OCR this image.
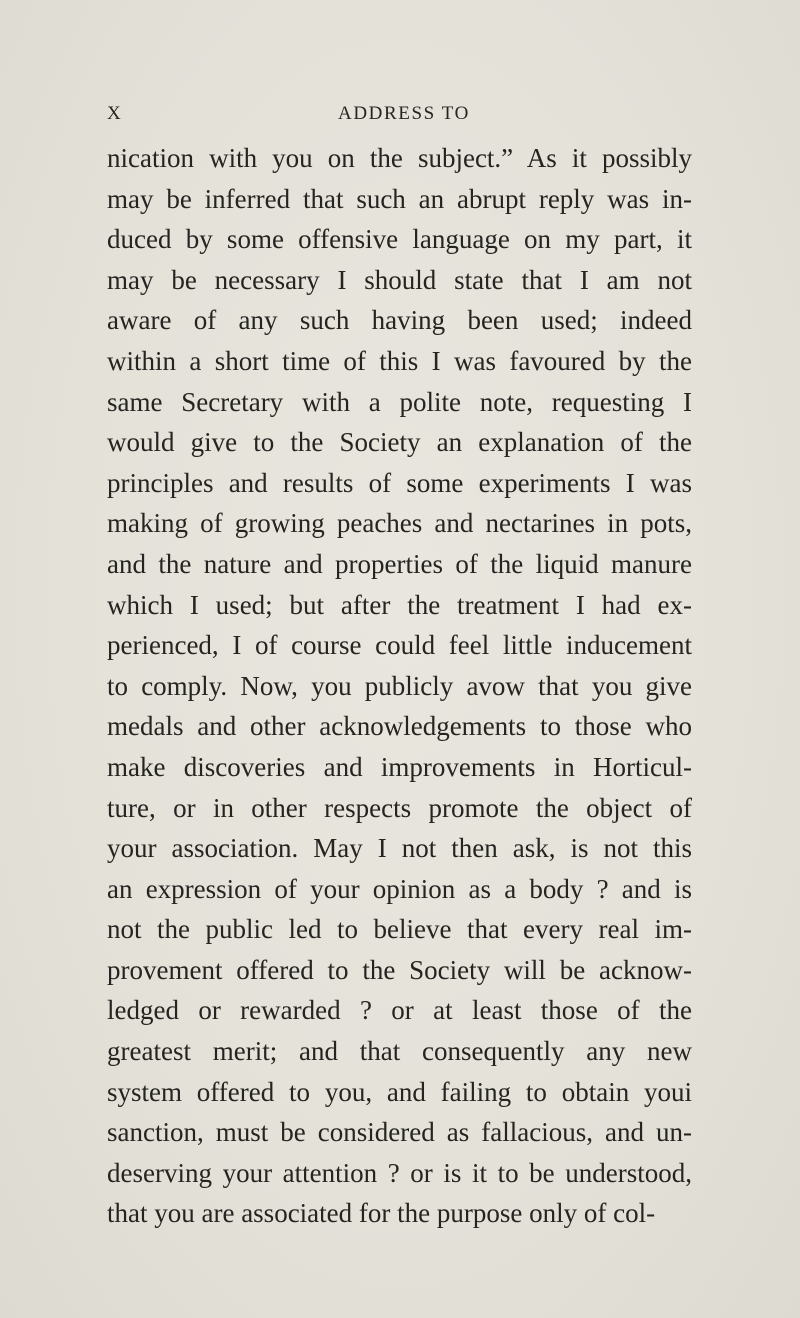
X	ADDRESS TO
nication with you on the subject.” As it possibly
may be inferred that such an abrupt reply was in-
duced by some offensive language on my part, it
may be necessary I should state that I am not
aware of any such having been used; indeed
within a short time of this I was favoured by the
same Secretary with a polite note, requesting I
would give to the Society an explanation of the
principles and results of some experiments I was
making of growing peaches and nectarines in pots,
and the nature and properties of the liquid manure
which I used; but after the treatment I had ex-
perienced, I of course could feel little inducement
to comply. Now, you publicly avow that you give
medals and other acknowledgements to those who
make discoveries and improvements in Horticul-
ture, or in other respects promote the object of
your association. May I not then ask, is not this
an expression of your opinion as a body ? and is
not the public led to believe that every real im-
provement offered to the Society will be acknow-
ledged or rewarded ? or at least those of the
greatest merit; and that consequently any new
system offered to you, and failing to obtain youi
sanction, must be considered as fallacious, and un-
deserving your attention ? or is it to be understood,
that you are associated for the purpose only of col-
